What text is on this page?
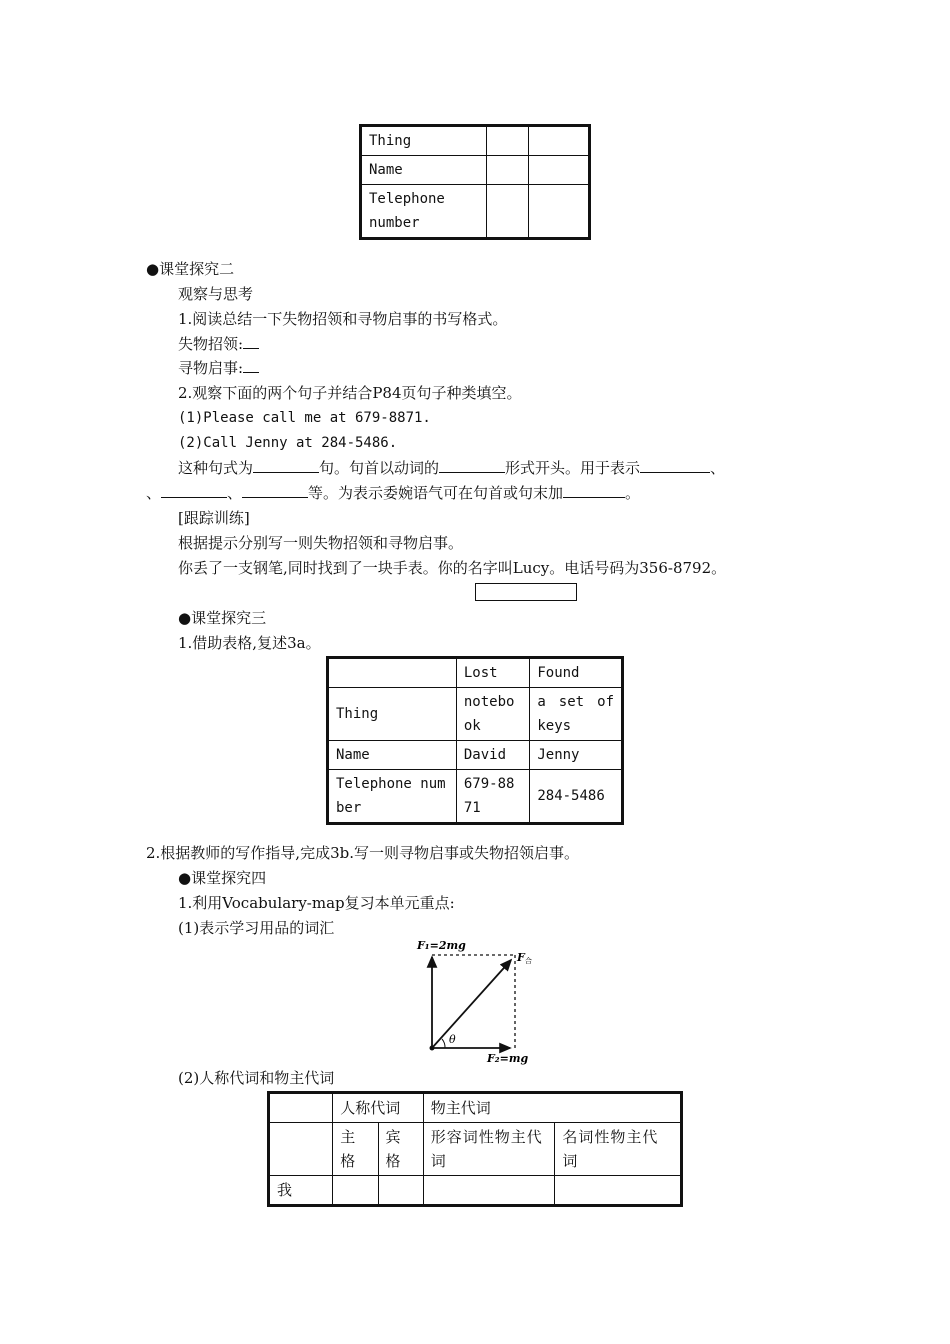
Thing		
Name		
Telephone number		
●课堂探究二
观察与思考
1.阅读总结一下失物招领和寻物启事的书写格式。
失物招领:
寻物启事:
2.观察下面的两个句子并结合P84页句子种类填空。
(1)Please call me at 679-8871.
(2)Call Jenny at 284-5486.
这种句式为	句。句首以动词的	形式开头。用于表示	、
、	、	等。为表示委婉语气可在句首或句末加	。
[跟踪训练]
根据提示分别写一则失物招领和寻物启事。
你丢了一支钢笔,同时找到了一块手表。你的名字叫Lucy。电话号码为356-8792。
●课堂探究三
1.借助表格,复述3a。
	Lost	Found
Thing	notebook	a set of keys
Name	David	Jenny
Telephone number	679-8871	284-5486
2.根据教师的写作指导,完成3b.写一则寻物启事或失物招领启事。
●课堂探究四
1.利用Vocabulary-map复习本单元重点:
(1)表示学习用品的词汇
F₁=2mg
F 合
θ
F₂=mg
(2)人称代词和物主代词
	人称代词		物主代词	
	主格	宾格	形容词性物主代词	名词性物主代词
我				
